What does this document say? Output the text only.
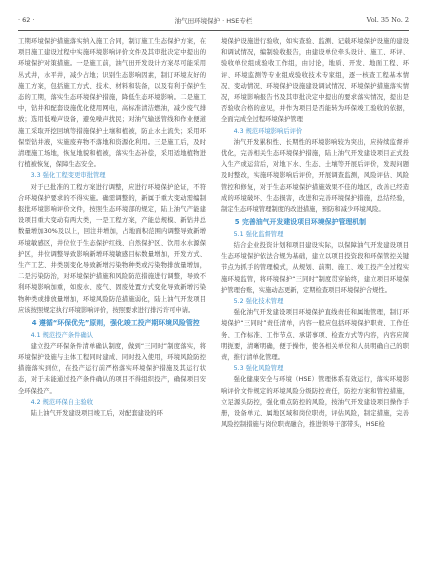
· 62 ·	油气田环境保护 · HSE专栏	Vol. 35 No. 2

工期环境保护措施落实纳入施工合同，制订施工生态保护方案，在项目施工建设过程中实施环境影响评价文件及其审批决定中提出的环境保护对策措施。一是施工前，油气田开发设计方案尽可能采用丛式井，水平井，减少占地；识别生态影响因素，制订环境友好的施工方案，包括施工方式、技术、材料和装备，以及有利于保护生态的工期，落实生态环境保护措施，降低生态环境影响。二是施工中，钻井和配套设施优化使用网电，高标准清洁燃油，减少废气排放；选用低噪声设备，避免噪声扰民；对油气输送管线和作业便道施工采取开挖回填等措施保护土壤和植被，防止水土流失；采用环保型钻井液，实施废弃物不落地和资源化利用。三是施工后，及时清理施工场地，恢复地貌和植被，落实生态补偿，采用适地植物进行植被恢复，保障生态安全。

3.3 强化工程变更审批管理

对于已批准的工程方案进行调整，应进行环境保护论证，不符合环境保护要求的不得实施。确需调整的，新属于重大变动需编制报批环境影响评价文件，按照生态环境部的规定，陆上油气产能建设项目重大变动有两大类，一是工程方案，产能总规模、新钻井总数量增加30%及以上，回注井增加，占地面积范围内调整导致新增环境敏感区，井位位于生态保护红线、自然保护区、饮用水水源保护区，井位调整导致影响新增环境敏感目标数量增加，开发方式、生产工艺、井类别变化导致新增污染物种类或污染物排放量增加，二是污染防治，对环境保护措施和风险防范措施进行调整，导致不利环境影响加重，如废水、废气、固废处置方式变化导致新增污染物种类或排放量增加，环境风险防范措施弱化，陆上油气开发项目应该按照规定执行环境影响评价，按照要求进行排污许可申请。

4 遵循“环保优先”原则，强化竣工投产期环境风险管控

4.1 规范投产条件确认

建立投产环保条件清单确认制度，做到“三同时”制度落实，将环境保护设施与主体工程同时建成、同时投入使用，环境风险防控措施落实到位，在投产运行前严格落实环境保护措施及其运行状态，对于未能通过投产条件确认的项目不得组织投产，确保项目安全环保投产。

4.2 规范环保自主验收

陆上油气开发建设项目竣工后，对配套建设的环

境保护设施进行验收，如实查验、监测、记载环境保护设施的建设和调试情况，编制验收报告，由建设单位牵头设计、施工、环评、验收单位组成验收工作组，由讨论，地质、开发、地面工程、环评、环境监测等专业组成验收技术专家组，逐一核查工程基本情况、变动情况、环境保护设施建设调试情况、环境保护措施落实情况，环境影响报告书及其审批决定中提出的要求落实情况，提出是否验收合格的意见，并作为项目是否能转为环保竣工验收的依据，全面完成全过程环境保护管理

4.3 规范环境影响后评价

油气开发累积性、长期性的环境影响较为突出，应持续监督并优化，完善相关生态环境保护措施，陆上油气开发建设项目正式投入生产或运营后，对地下水、生态、土壤等开展后评价，发现问题及时整改，实施环境影响后评价，开展调查监测，风险评估、风险管控和修复，对于生态环境保护措施效果不佳的地区，改善已经造成的环境破坏、生态损害，改进和完善环境保护措施，总结经验，制定生态环境管理制度的改进措施，预防和减少环境风险。

5 完善油气开发建设项目环境保护管理机制

5.1 强化监督管理

结合企业投资计划和项目建设实际，以保障油气开发建设项目生态环境保护依法合规为基础，建立以项目投资段和环保管控关键节点为抓手的管理模式，从规划、前期、施工、竣工投产全过程实施环境监管，将环境保护“三同时”制度贯穿始终，建立项目环境保护管理台账，实施动态更新，定期检查项目环境保护合规性。

5.2 强化技术管理

强化油气开发建设项目环境保护直线责任和属地管理，制订环境保护“三同时”责任清单，内容一般应包括环境保护职责、工作任务、工作标准、工作节点、承诺事项、检查方式等内容，内容应简明扼要，清晰明确，便于操作，使各相关单位和人员明确自己的职责，推行清单化管理。

5.3 强化风险管理

强化健康安全与环境（HSE）管理体系有效运行，落实环境影响评价文件规定的环境风险分级防控责任，防控方案和管控措施，立足源头防控，强化重点防控的风险，按油气开发建设项目操作手册，设备单元、属地区域和岗位职责，评估风险，制定措施，完善风险控制措施与岗位职责融合，推进领导干部带头，HSE检
